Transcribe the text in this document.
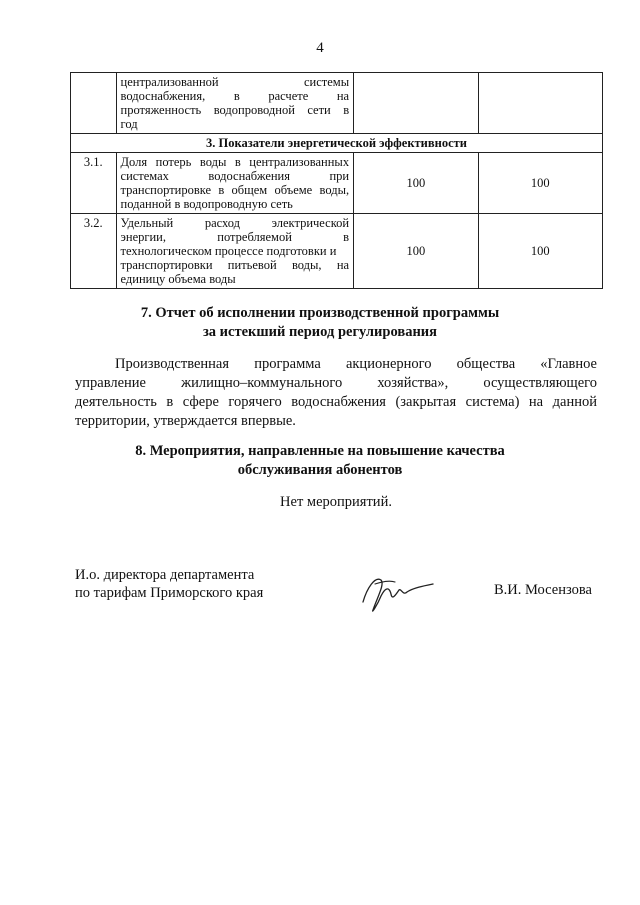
4

	централизованной системы
водоснабжения, в расчете на
протяженность водопроводной сети в
год		

3. Показатели энергетической эффективности			
3.1.	Доля потерь воды в централизованных
системах водоснабжения при
транспортировке в общем объеме воды,
поданной в водопроводную сеть	100	100
3.2.	Удельный расход электрической
энергии, потребляемой в
технологическом процессе подготовки и
транспортировки питьевой воды, на
единицу объема воды	100	100
7. Отчет об исполнении производственной программы
за истекший период регулирования
Производственная программа акционерного общества «Главное
управление жилищно–коммунального хозяйства», осуществляющего
деятельность в сфере горячего водоснабжения (закрытая система) на данной
территории, утверждается впервые.
8. Мероприятия, направленные на повышение качества
обслуживания абонентов
Нет мероприятий.
И.о. директора департамента
по тарифам Приморского края	В.И. Мосензова
